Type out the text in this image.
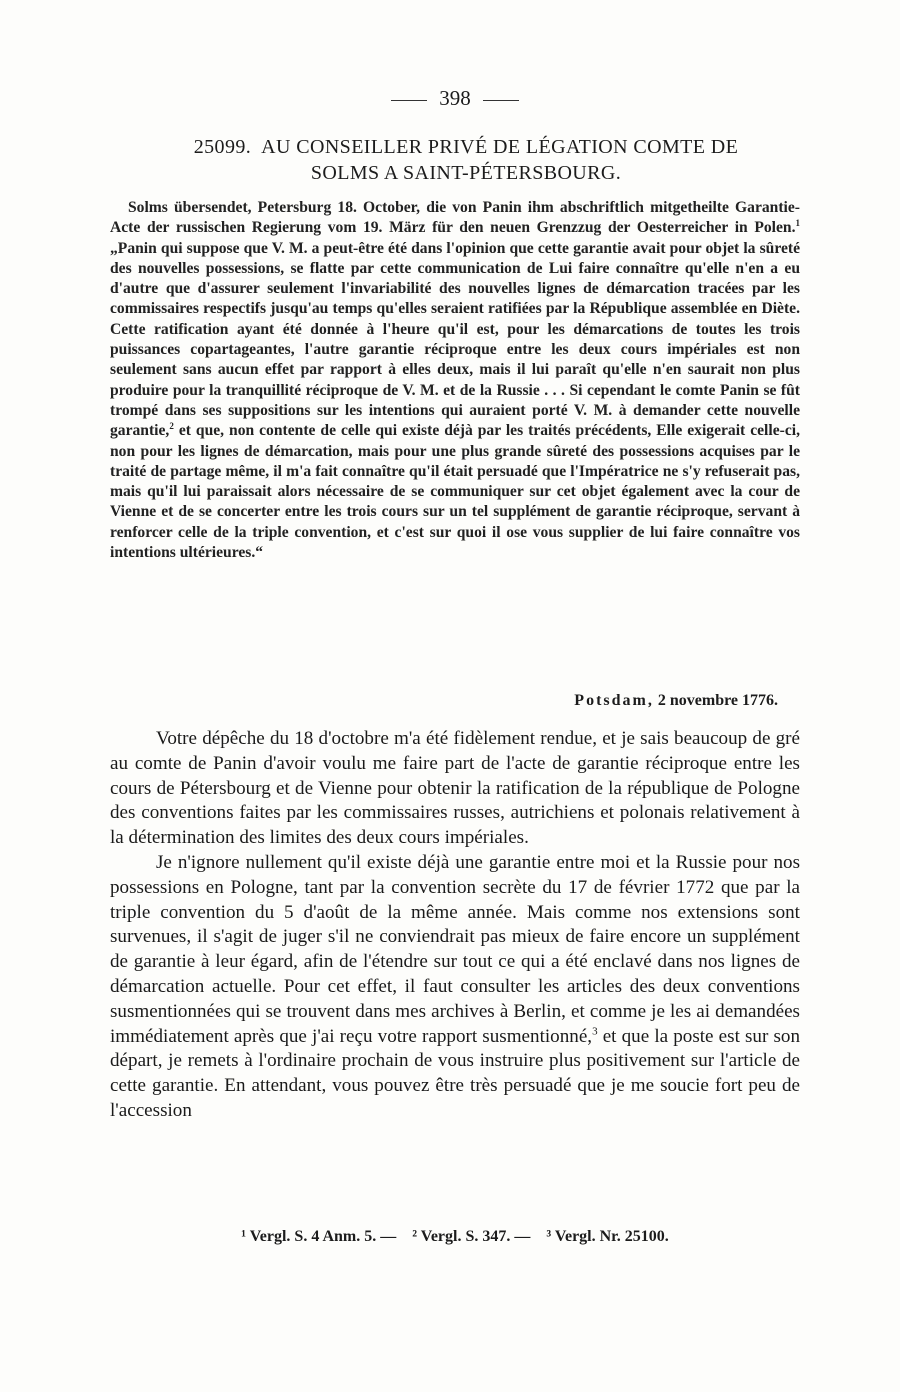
398
25099. AU CONSEILLER PRIVÉ DE LÉGATION COMTE DE
SOLMS A SAINT-PÉTERSBOURG.
Solms übersendet, Petersburg 18. October, die von Panin ihm abschriftlich mitgetheilte Garantie-Acte der russischen Regierung vom 19. März für den neuen Grenzzug der Oesterreicher in Polen.$^1$ „Panin qui suppose que V. M. a peut-être été dans l'opinion que cette garantie avait pour objet la sûreté des nouvelles possessions, se flatte par cette communication de Lui faire connaître qu'elle n'en a eu d'autre que d'assurer seulement l'invariabilité des nouvelles lignes de démarcation tracées par les commissaires respectifs jusqu'au temps qu'elles seraient ratifiées par la République assemblée en Diète. Cette ratification ayant été donnée à l'heure qu'il est, pour les démarcations de toutes les trois puissances copartageantes, l'autre garantie réciproque entre les deux cours impériales est non seulement sans aucun effet par rapport à elles deux, mais il lui paraît qu'elle n'en saurait non plus produire pour la tranquillité réciproque de V. M. et de la Russie . . . Si cependant le comte Panin se fût trompé dans ses suppositions sur les intentions qui auraient porté V. M. à demander cette nouvelle garantie,$^2$ et que, non contente de celle qui existe déjà par les traités précédents, Elle exigerait celle-ci, non pour les lignes de démarcation, mais pour une plus grande sûreté des possessions acquises par le traité de partage même, il m'a fait connaître qu'il était persuadé que l'Impératrice ne s'y refuserait pas, mais qu'il lui paraissait alors nécessaire de se communiquer sur cet objet également avec la cour de Vienne et de se concerter entre les trois cours sur un tel supplément de garantie réciproque, servant à renforcer celle de la triple convention, et c'est sur quoi il ose vous supplier de lui faire connaître vos intentions ultérieures.“
Potsdam, 2 novembre 1776.

Votre dépêche du 18 d'octobre m'a été fidèlement rendue, et je sais beaucoup de gré au comte de Panin d'avoir voulu me faire part de l'acte de garantie réciproque entre les cours de Pétersbourg et de Vienne pour obtenir la ratification de la république de Pologne des conventions faites par les commissaires russes, autrichiens et polonais relativement à la détermination des limites des deux cours impériales.

Je n'ignore nullement qu'il existe déjà une garantie entre moi et la Russie pour nos possessions en Pologne, tant par la convention secrète du 17 de février 1772 que par la triple convention du 5 d'août de la même année. Mais comme nos extensions sont survenues, il s'agit de juger s'il ne conviendrait pas mieux de faire encore un supplément de garantie à leur égard, afin de l'étendre sur tout ce qui a été enclavé dans nos lignes de démarcation actuelle. Pour cet effet, il faut consulter les articles des deux conventions susmentionnées qui se trouvent dans mes archives à Berlin, et comme je les ai demandées immédiatement après que j'ai reçu votre rapport susmentionné,$^3$ et que la poste est sur son départ, je remets à l'ordinaire prochain de vous instruire plus positivement sur l'article de cette garantie. En attendant, vous pouvez être très persuadé que je me soucie fort peu de l'accession

¹ Vergl. S. 4 Anm. 5. — ² Vergl. S. 347. — ³ Vergl. Nr. 25100.
